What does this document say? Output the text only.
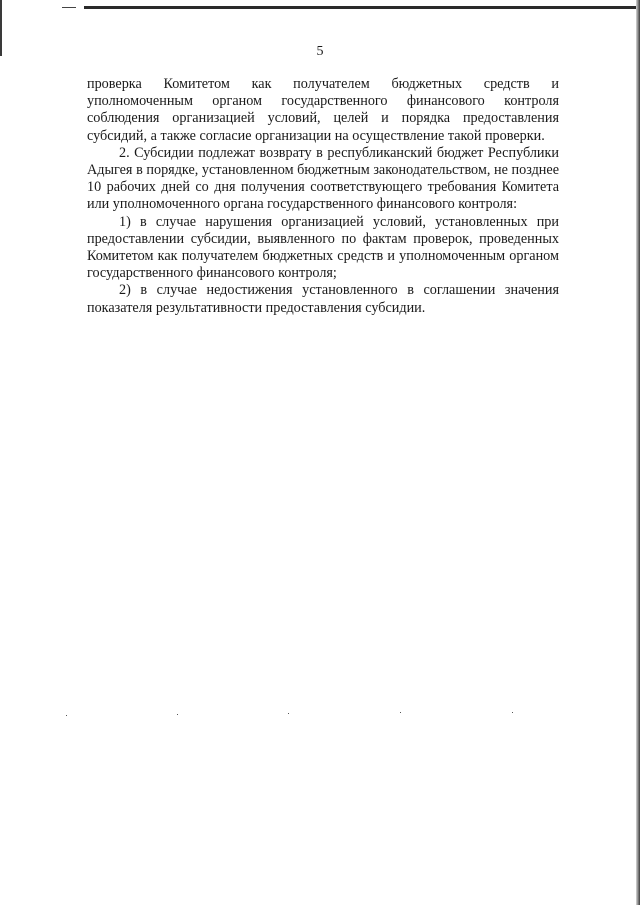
5

проверка Комитетом как получателем бюджетных средств и уполномоченным органом государственного финансового контроля соблюдения организацией условий, целей и порядка предоставления субсидий, а также согласие организации на осуществление такой проверки.

2. Субсидии подлежат возврату в республиканский бюджет Республики Адыгея в порядке, установленном бюджетным законодательством, не позднее 10 рабочих дней со дня получения соответствующего требования Комитета или уполномоченного органа государственного финансового контроля:

1) в случае нарушения организацией условий, установленных при предоставлении субсидии, выявленного по фактам проверок, проведенных Комитетом как получателем бюджетных средств и уполномоченным органом государственного финансового контроля;

2) в случае недостижения установленного в соглашении значения показателя результативности предоставления субсидии.
